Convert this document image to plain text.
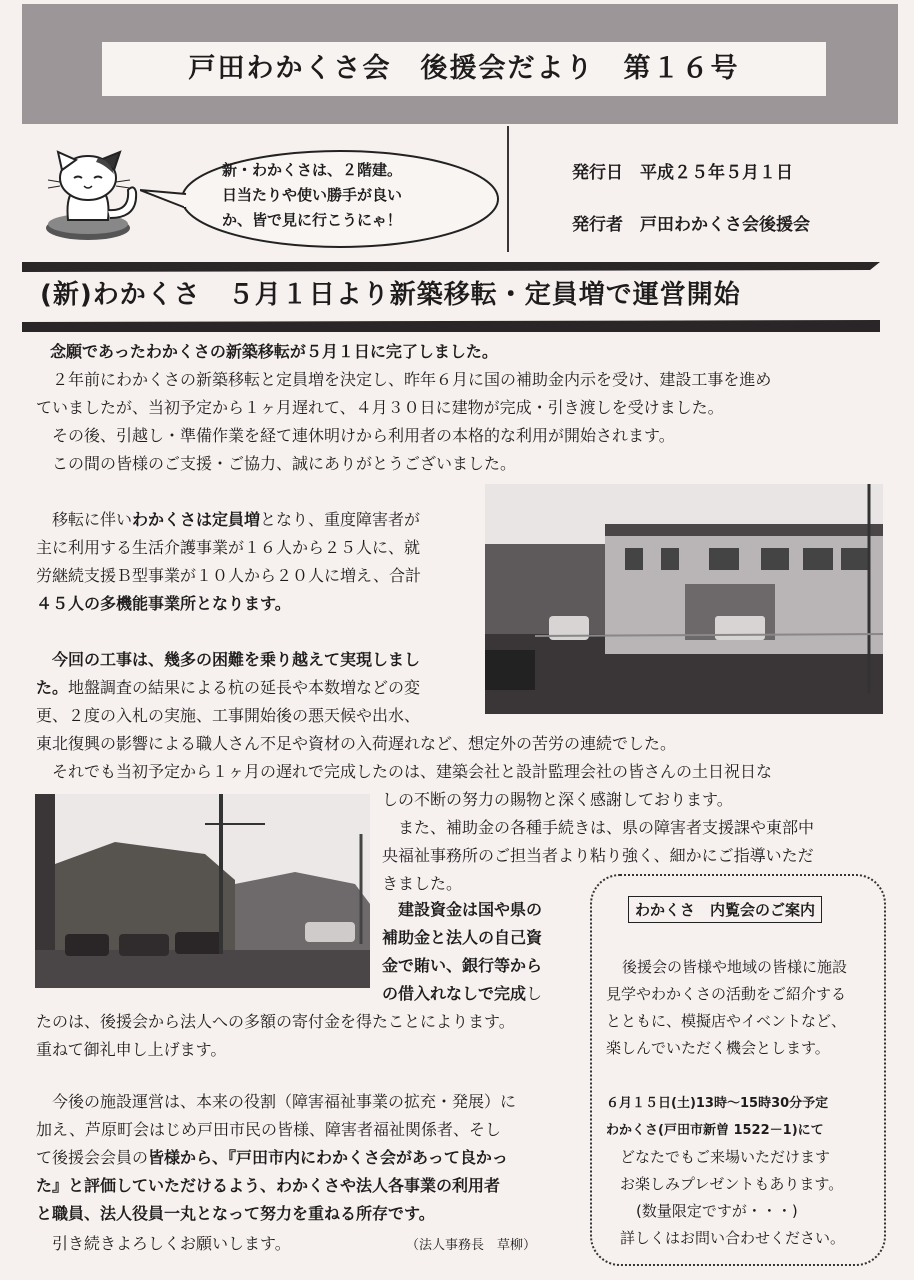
戸田わかくさ会　後援会だより　第１６号
新・わかくさは、２階建。
日当たりや使い勝手が良い
か、皆で見に行こうにゃ！
発行日　平成２５年５月１日
発行者　戸田わかくさ会後援会
(新)わかくさ　５月１日より新築移転・定員増で運営開始
念願であったわかくさの新築移転が５月１日に完了しました。
２年前にわかくさの新築移転と定員増を決定し、昨年６月に国の補助金内示を受け、建設工事を進め
ていましたが、当初予定から１ヶ月遅れて、４月３０日に建物が完成・引き渡しを受けました。
その後、引越し・準備作業を経て連休明けから利用者の本格的な利用が開始されます。
この間の皆様のご支援・ご協力、誠にありがとうございました。
移転に伴いわかくさは定員増となり、重度障害者が
主に利用する生活介護事業が１６人から２５人に、就
労継続支援Ｂ型事業が１０人から２０人に増え、合計
４５人の多機能事業所となります。
今回の工事は、幾多の困難を乗り越えて実現しまし
た。地盤調査の結果による杭の延長や本数増などの変
更、２度の入札の実施、工事開始後の悪天候や出水、
東北復興の影響による職人さん不足や資材の入荷遅れなど、想定外の苦労の連続でした。
それでも当初予定から１ヶ月の遅れで完成したのは、建築会社と設計監理会社の皆さんの土日祝日な
しの不断の努力の賜物と深く感謝しております。
また、補助金の各種手続きは、県の障害者支援課や東部中
央福祉事務所のご担当者より粘り強く、細かにご指導いただ
きました。
建設資金は国や県の
補助金と法人の自己資
金で賄い、銀行等から
の借入れなしで完成し
たのは、後援会から法人への多額の寄付金を得たことによります。
重ねて御礼申し上げます。
今後の施設運営は、本来の役割（障害福祉事業の拡充・発展）に
加え、芦原町会はじめ戸田市民の皆様、障害者福祉関係者、そし
て後援会会員の皆様から、『戸田市内にわかくさ会があって良かっ
た』と評価していただけるよう、わかくさや法人各事業の利用者
と職員、法人役員一丸となって努力を重ねる所存です。
引き続きよろしくお願いします。	（法人事務長　草柳）
わかくさ　内覧会のご案内
後援会の皆様や地域の皆様に施設
見学やわかくさの活動をご紹介する
とともに、模擬店やイベントなど、
楽しんでいただく機会とします。
６月１５日(土)13時～15時30分予定
わかくさ(戸田市新曽 1522－1)にて
どなたでもご来場いただけます
お楽しみプレゼントもあります。
(数量限定ですが・・・)
詳しくはお問い合わせください。
